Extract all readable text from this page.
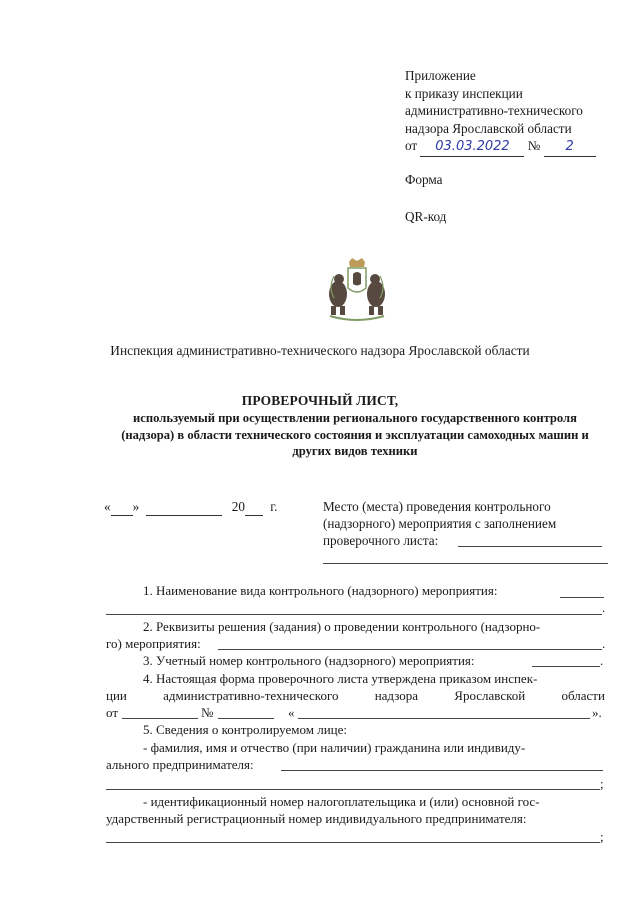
Приложение
к приказу инспекции
административно-технического
надзора Ярославской области
от 03.03.2022 № 2
Форма
QR-код
Инспекция административно-технического надзора Ярославской области
ПРОВЕРОЧНЫЙ ЛИСТ,
используемый при осуществлении регионального государственного контроля (надзора) в области технического состояния и эксплуатации самоходных машин и других видов техники
« »	20 г.	Место (места) проведения контрольного
(надзорного) мероприятия с заполнением
проверочного листа:
1. Наименование вида контрольного (надзорного) мероприятия:
.
2. Реквизиты решения (задания) о проведении контрольного (надзорно-
го) мероприятия:	.
3. Учетный номер контрольного (надзорного) мероприятия:	.
4. Настоящая форма проверочного листа утверждена приказом инспек-
ции	административно-технического	надзора	Ярославской	области
от	№	«	».
5. Сведения о контролируемом лице:
- фамилия, имя и отчество (при наличии) гражданина или индивиду-
ального предпринимателя:
;
- идентификационный номер налогоплательщика и (или) основной гос-
ударственный регистрационный номер индивидуального предпринимателя:
;
